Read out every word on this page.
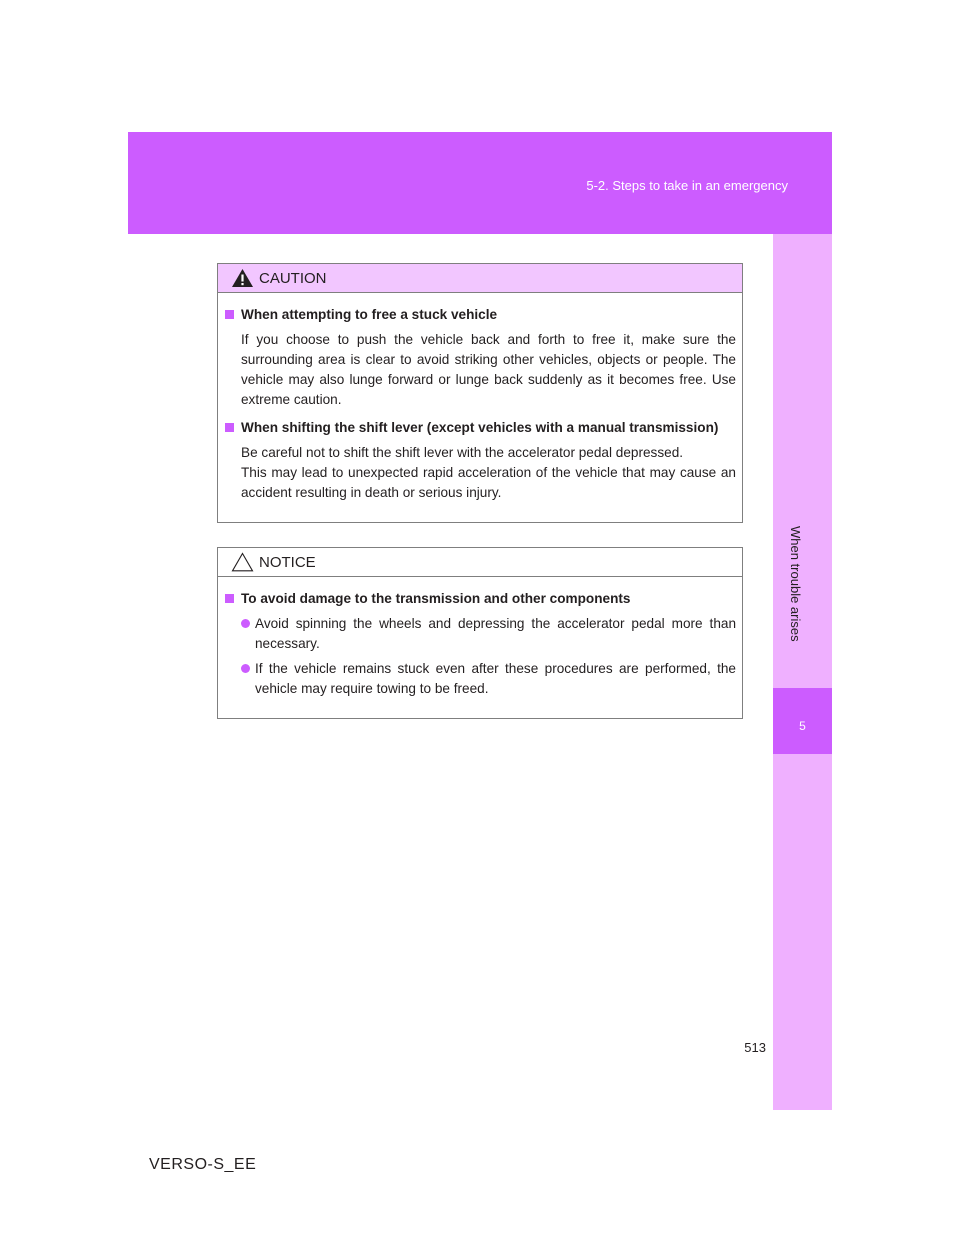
5-2. Steps to take in an emergency
5
When trouble arises
CAUTION
When attempting to free a stuck vehicle
If you choose to push the vehicle back and forth to free it, make sure the surrounding area is clear to avoid striking other vehicles, objects or people. The vehicle may also lunge forward or lunge back suddenly as it becomes free. Use extreme caution.
When shifting the shift lever (except vehicles with a manual transmission)
Be careful not to shift the shift lever with the accelerator pedal depressed.
This may lead to unexpected rapid acceleration of the vehicle that may cause an accident resulting in death or serious injury.
NOTICE
To avoid damage to the transmission and other components
Avoid spinning the wheels and depressing the accelerator pedal more than necessary.
If the vehicle remains stuck even after these procedures are performed, the vehicle may require towing to be freed.
513
VERSO-S_EE
